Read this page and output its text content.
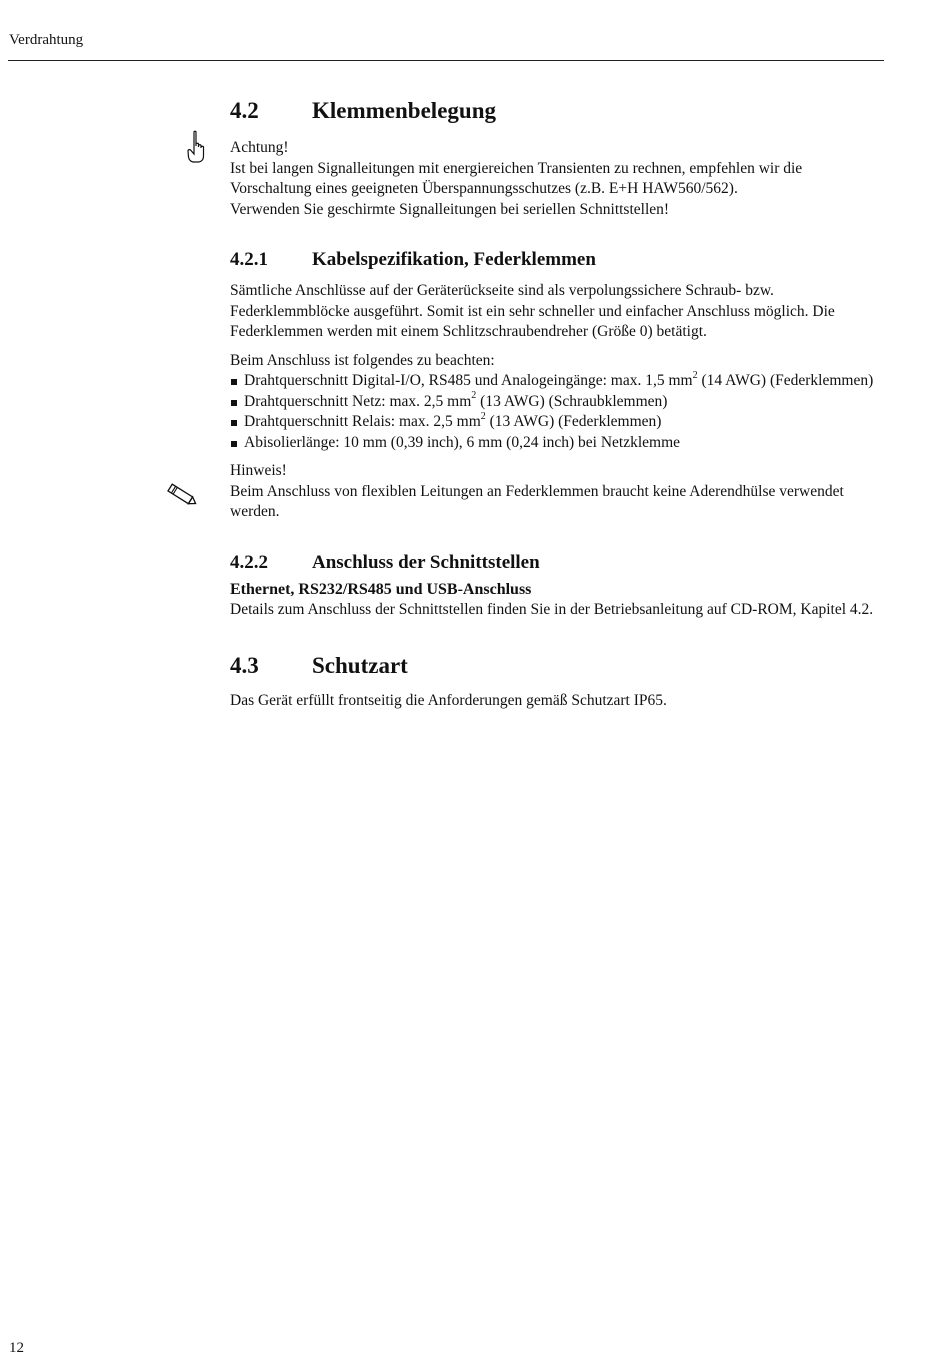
Verdrahtung
4.2	Klemmenbelegung

Achtung!

Ist bei langen Signalleitungen mit energiereichen Transienten zu rechnen, empfehlen wir die Vorschaltung eines geeigneten Überspannungsschutzes (z.B. E+H HAW560/562).

Verwenden Sie geschirmte Signalleitungen bei seriellen Schnittstellen!

4.2.1	Kabelspezifikation, Federklemmen

Sämtliche Anschlüsse auf der Geräterückseite sind als verpolungssichere Schraub- bzw. Federklemmblöcke ausgeführt. Somit ist ein sehr schneller und einfacher Anschluss möglich. Die Federklemmen werden mit einem Schlitzschraubendreher (Größe 0) betätigt.

Beim Anschluss ist folgendes zu beachten:

Drahtquerschnitt Digital-I/O, RS485 und Analogeingänge: max. 1,5 $mm^2$ (14 AWG) (Federklemmen)
Drahtquerschnitt Netz: max. 2,5 $mm^2$ (13 AWG) (Schraubklemmen)
Drahtquerschnitt Relais: max. 2,5 $mm^2$ (13 AWG) (Federklemmen)
Abisolierlänge: 10 mm (0,39 inch), 6 mm (0,24 inch) bei Netzklemme

Hinweis!

Beim Anschluss von flexiblen Leitungen an Federklemmen braucht keine Aderendhülse verwendet werden.

4.2.2	Anschluss der Schnittstellen

Ethernet, RS232/RS485 und USB-Anschluss

Details zum Anschluss der Schnittstellen finden Sie in der Betriebsanleitung auf CD-ROM, Kapitel 4.2.

4.3	Schutzart

Das Gerät erfüllt frontseitig die Anforderungen gemäß Schutzart IP65.

12
